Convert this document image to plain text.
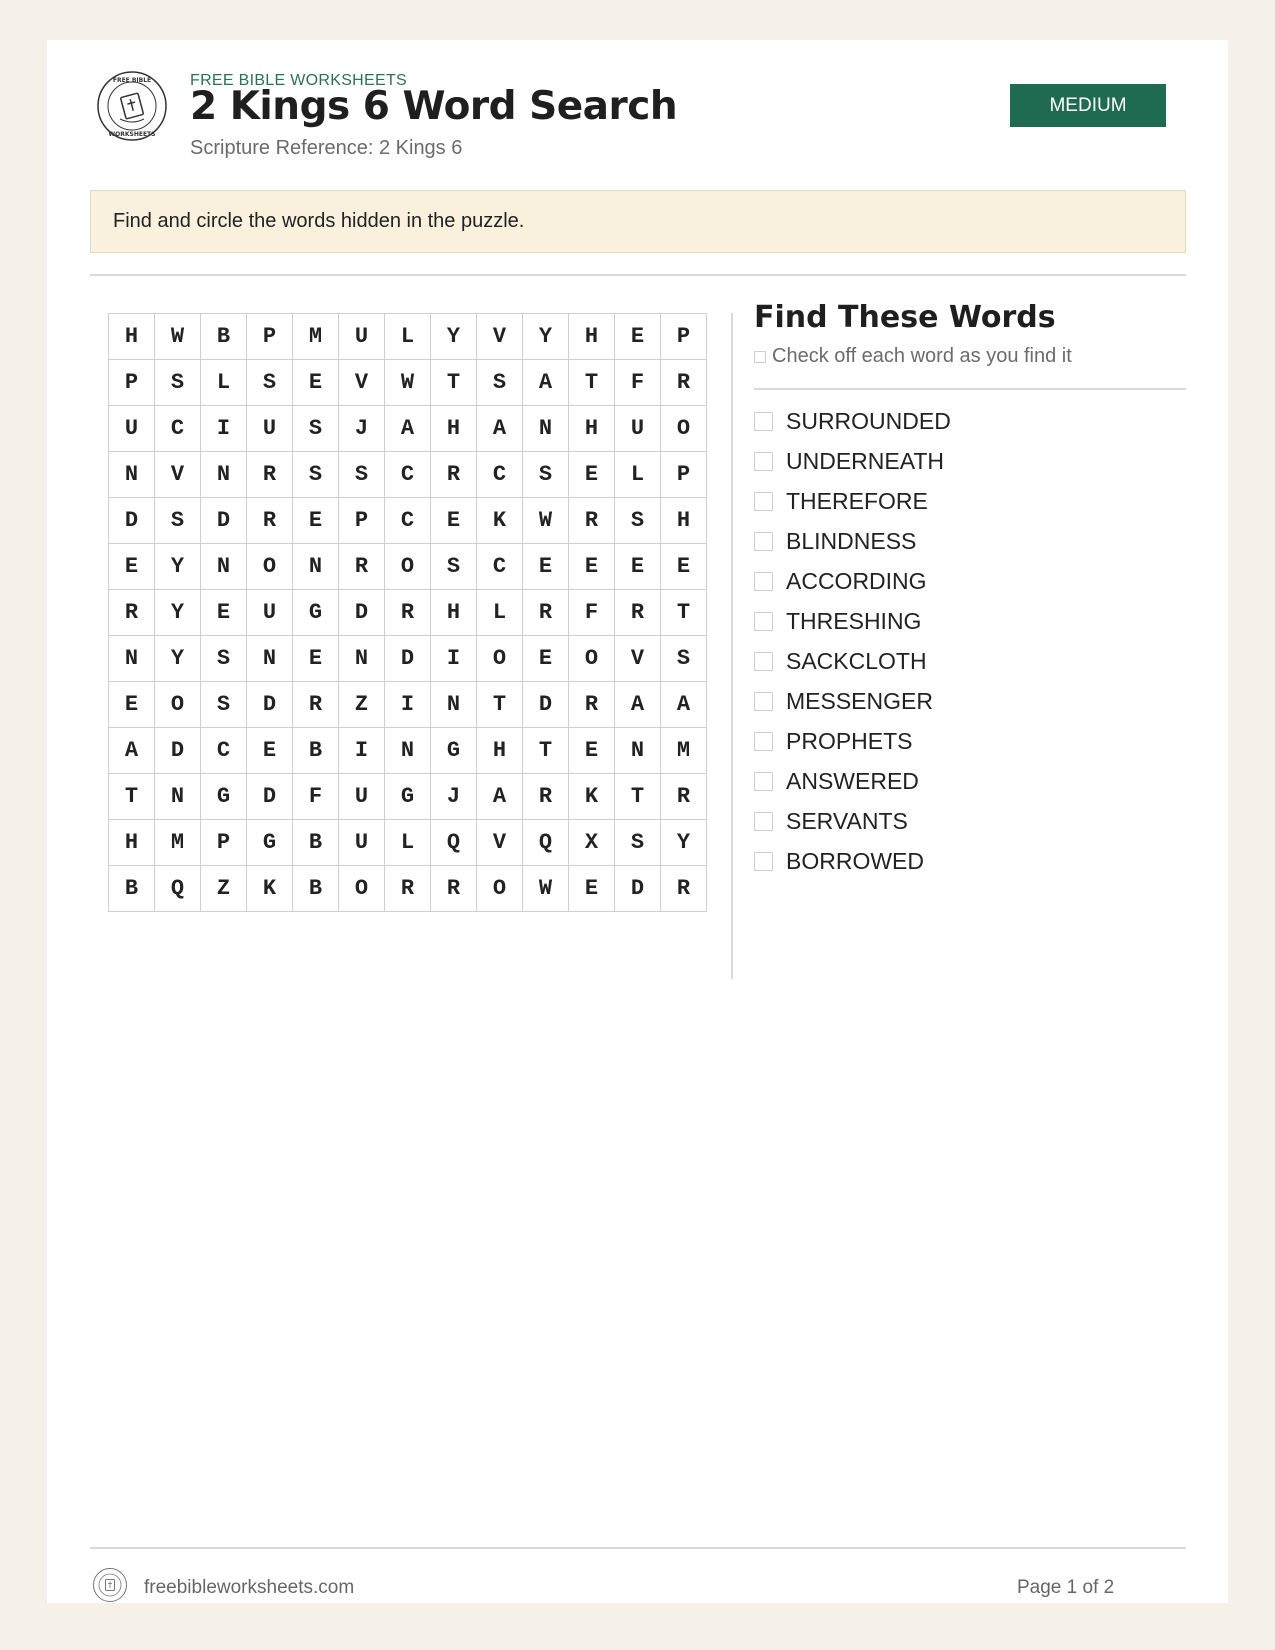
FREE BIBLE
WORKSHEETS
FREE BIBLE WORKSHEETS
2 Kings 6 Word Search
Scripture Reference: 2 Kings 6
MEDIUM
Find and circle the words hidden in the puzzle.
H	W	B	P	M	U	L	Y	V	Y	H	E	P
P	S	L	S	E	V	W	T	S	A	T	F	R
U	C	I	U	S	J	A	H	A	N	H	U	O
N	V	N	R	S	S	C	R	C	S	E	L	P
D	S	D	R	E	P	C	E	K	W	R	S	H
E	Y	N	O	N	R	O	S	C	E	E	E	E
R	Y	E	U	G	D	R	H	L	R	F	R	T
N	Y	S	N	E	N	D	I	O	E	O	V	S
E	O	S	D	R	Z	I	N	T	D	R	A	A
A	D	C	E	B	I	N	G	H	T	E	N	M
T	N	G	D	F	U	G	J	A	R	K	T	R
H	M	P	G	B	U	L	Q	V	Q	X	S	Y
B	Q	Z	K	B	O	R	R	O	W	E	D	R
Find These Words
Check off each word as you find it
SURROUNDED
UNDERNEATH
THEREFORE
BLINDNESS
ACCORDING
THRESHING
SACKCLOTH
MESSENGER
PROPHETS
ANSWERED
SERVANTS
BORROWED
freebibleworksheets.com	Page 1 of 2
